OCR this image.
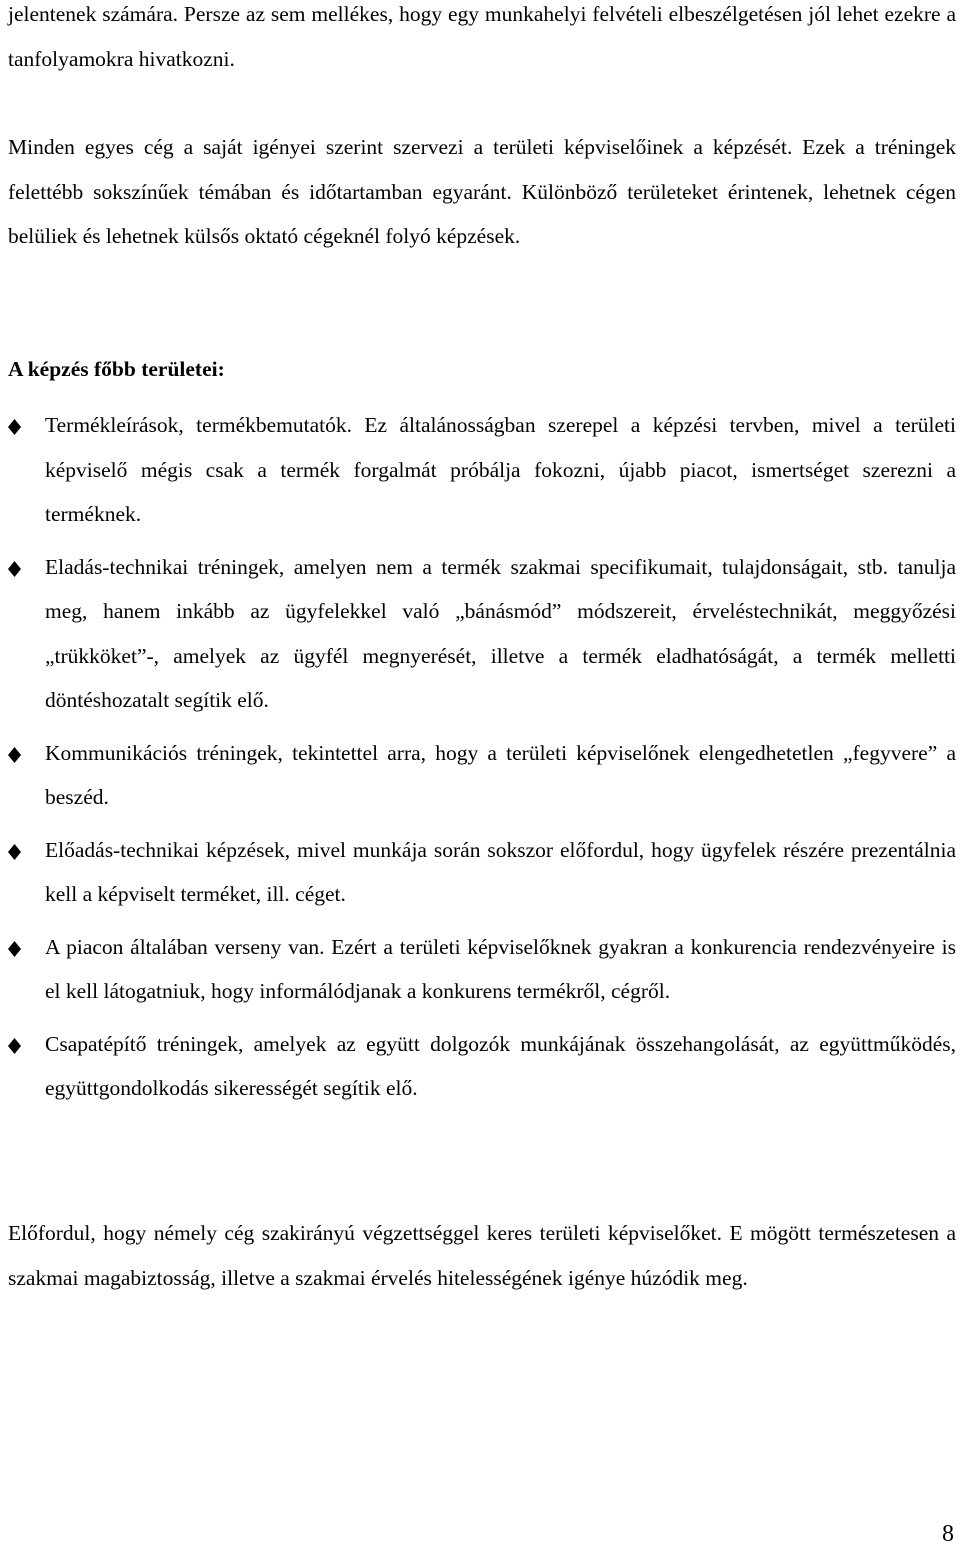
jelentenek számára. Persze az sem mellékes, hogy egy munkahelyi felvételi elbeszélgetésen jól lehet ezekre a tanfolyamokra hivatkozni.

Minden egyes cég a saját igényei szerint szervezi a területi képviselőinek a képzését. Ezek a tréningek felettébb sokszínűek témában és időtartamban egyaránt. Különböző területeket érintenek, lehetnek cégen belüliek és lehetnek külsős oktató cégeknél folyó képzések.

A képzés főbb területei:
Termékleírások, termékbemutatók. Ez általánosságban szerepel a képzési tervben, mivel a területi képviselő mégis csak a termék forgalmát próbálja fokozni, újabb piacot, ismertséget szerezni a terméknek.
Eladás-technikai tréningek, amelyen nem a termék szakmai specifikumait, tulajdonságait, stb. tanulja meg, hanem inkább az ügyfelekkel való „bánásmód” módszereit, érveléstechnikát, meggyőzési „trükköket”-, amelyek az ügyfél megnyerését, illetve a termék eladhatóságát, a termék melletti döntéshozatalt segítik elő.
Kommunikációs tréningek, tekintettel arra, hogy a területi képviselőnek elengedhetetlen „fegyvere” a beszéd.
Előadás-technikai képzések, mivel munkája során sokszor előfordul, hogy ügyfelek részére prezentálnia kell a képviselt terméket, ill. céget.
A piacon általában verseny van. Ezért a területi képviselőknek gyakran a konkurencia rendezvényeire is el kell látogatniuk, hogy informálódjanak a konkurens termékről, cégről.
Csapatépítő tréningek, amelyek az együtt dolgozók munkájának összehangolását, az együttműködés, együttgondolkodás sikerességét segítik elő.

Előfordul, hogy némely cég szakirányú végzettséggel keres területi képviselőket. E mögött természetesen a szakmai magabiztosság, illetve a szakmai érvelés hitelességének igénye húzódik meg.

8
